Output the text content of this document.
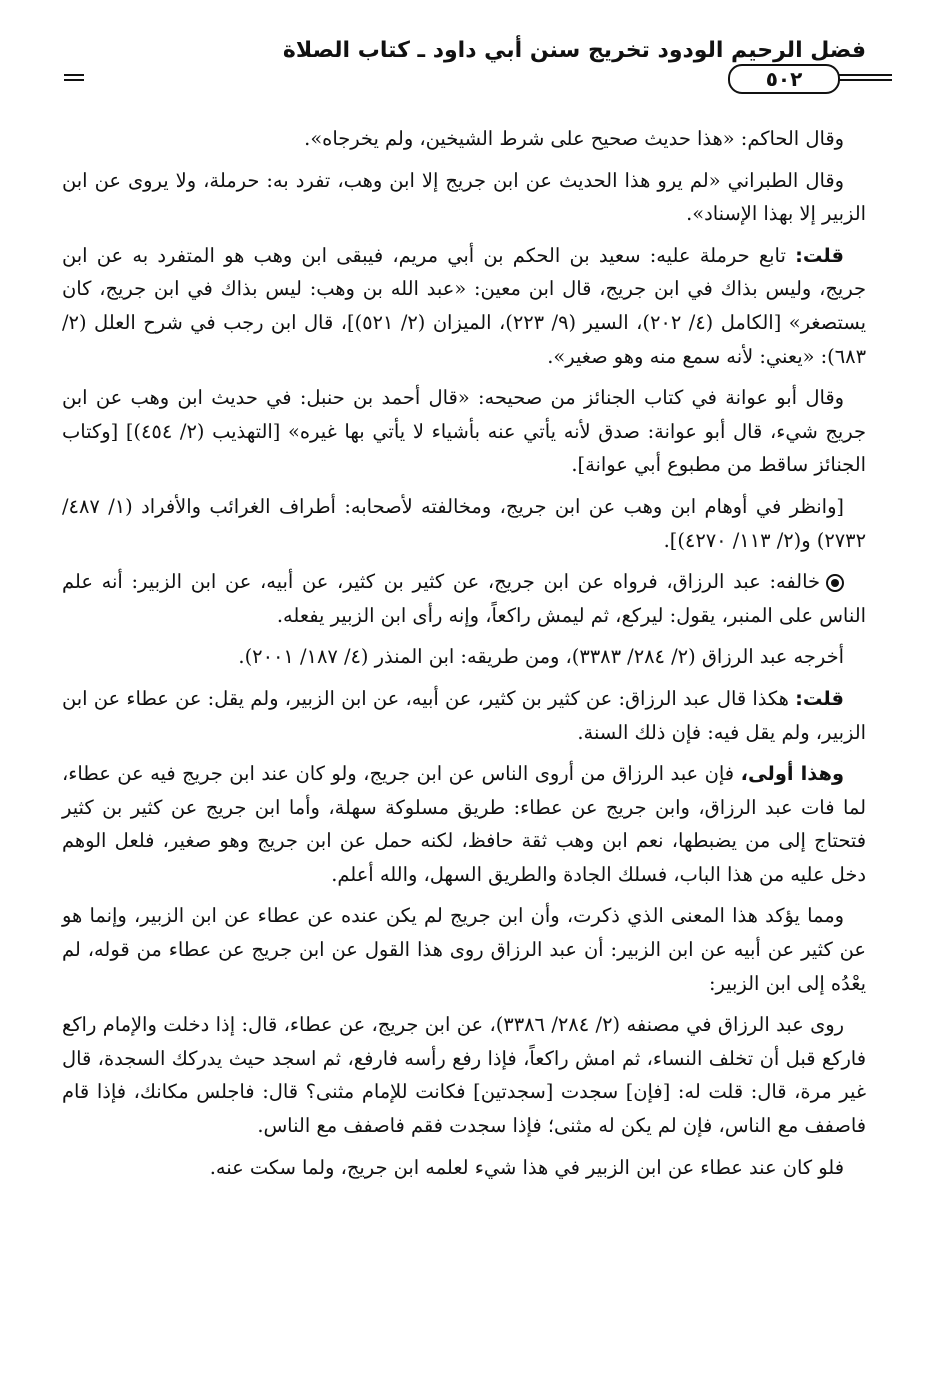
فضل الرحيم الودود تخريج سنن أبي داود ـ كتاب الصلاة
٥٠٢

وقال الحاكم: «هذا حديث صحيح على شرط الشيخين، ولم يخرجاه».

وقال الطبراني «لم يرو هذا الحديث عن ابن جريج إلا ابن وهب، تفرد به: حرملة، ولا يروى عن ابن الزبير إلا بهذا الإسناد».

قلت: تابع حرملة عليه: سعيد بن الحكم بن أبي مريم، فيبقى ابن وهب هو المتفرد به عن ابن جريج، وليس بذاك في ابن جريج، قال ابن معين: «عبد الله بن وهب: ليس بذاك في ابن جريج، كان يستصغر» [الكامل (٤/ ٢٠٢)، السير (٩/ ٢٢٣)، الميزان (٢/ ٥٢١)]، قال ابن رجب في شرح العلل (٢/ ٦٨٣): «يعني: لأنه سمع منه وهو صغير».

وقال أبو عوانة في كتاب الجنائز من صحيحه: «قال أحمد بن حنبل: في حديث ابن وهب عن ابن جريج شيء، قال أبو عوانة: صدق لأنه يأتي عنه بأشياء لا يأتي بها غيره» [التهذيب (٢/ ٤٥٤)] [وكتاب الجنائز ساقط من مطبوع أبي عوانة].

[وانظر في أوهام ابن وهب عن ابن جريج، ومخالفته لأصحابه: أطراف الغرائب والأفراد (١/ ٤٨٧/ ٢٧٣٢) و(٢/ ١١٣/ ٤٢٧٠)].

خالفه: عبد الرزاق، فرواه عن ابن جريج، عن كثير بن كثير، عن أبيه، عن ابن الزبير: أنه علم الناس على المنبر، يقول: ليركع، ثم ليمش راكعاً، وإنه رأى ابن الزبير يفعله.

أخرجه عبد الرزاق (٢/ ٢٨٤/ ٣٣٨٣)، ومن طريقه: ابن المنذر (٤/ ١٨٧/ ٢٠٠١).

قلت: هكذا قال عبد الرزاق: عن كثير بن كثير، عن أبيه، عن ابن الزبير، ولم يقل: عن عطاء عن ابن الزبير، ولم يقل فيه: فإن ذلك السنة.

وهذا أولى، فإن عبد الرزاق من أروى الناس عن ابن جريج، ولو كان عند ابن جريج فيه عن عطاء، لما فات عبد الرزاق، وابن جريج عن عطاء: طريق مسلوكة سهلة، وأما ابن جريج عن كثير بن كثير فتحتاج إلى من يضبطها، نعم ابن وهب ثقة حافظ، لكنه حمل عن ابن جريج وهو صغير، فلعل الوهم دخل عليه من هذا الباب، فسلك الجادة والطريق السهل، والله أعلم.

ومما يؤكد هذا المعنى الذي ذكرت، وأن ابن جريج لم يكن عنده عن عطاء عن ابن الزبير، وإنما هو عن كثير عن أبيه عن ابن الزبير: أن عبد الرزاق روى هذا القول عن ابن جريج عن عطاء من قوله، لم يعْدُه إلى ابن الزبير:

روى عبد الرزاق في مصنفه (٢/ ٢٨٤/ ٣٣٨٦)، عن ابن جريج، عن عطاء، قال: إذا دخلت والإمام راكع فاركع قبل أن تخلف النساء، ثم امش راكعاً، فإذا رفع رأسه فارفع، ثم اسجد حيث يدركك السجدة، قال غير مرة، قال: قلت له: [فإن] سجدت [سجدتين] فكانت للإمام مثنى؟ قال: فاجلس مكانك، فإذا قام فاصفف مع الناس، فإن لم يكن له مثنى؛ فإذا سجدت فقم فاصفف مع الناس.

فلو كان عند عطاء عن ابن الزبير في هذا شيء لعلمه ابن جريج، ولما سكت عنه.
